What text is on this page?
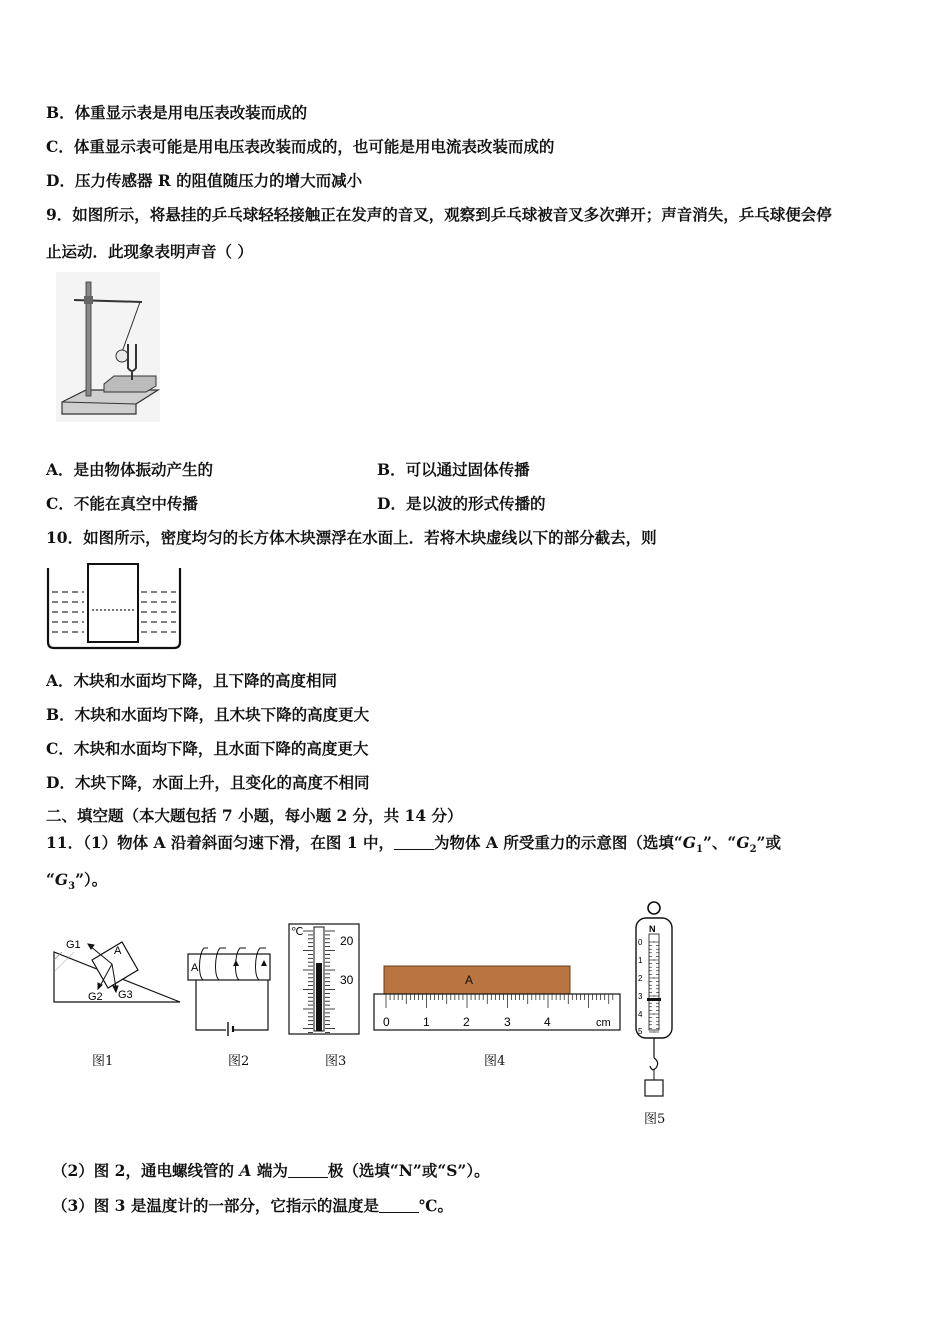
B．体重显示表是用电压表改装而成的
C．体重显示表可能是用电压表改装而成的，也可能是用电流表改装而成的
D．压力传感器 R 的阻值随压力的增大而减小
9．如图所示，将悬挂的乒乓球轻轻接触正在发声的音叉，观察到乒乓球被音叉多次弹开；声音消失，乒乓球便会停
止运动．此现象表明声音（ ）
A．是由物体振动产生的	B．可以通过固体传播
C．不能在真空中传播	D．是以波的形式传播的
10．如图所示，密度均匀的长方体木块漂浮在水面上．若将木块虚线以下的部分截去，则
A．木块和水面均下降，且下降的高度相同
B．木块和水面均下降，且木块下降的高度更大
C．木块和水面均下降，且水面下降的高度更大
D．木块下降，水面上升，且变化的高度不相同
二、填空题（本大题包括 7 小题，每小题 2 分，共 14 分）
11．（1）物体 A 沿着斜面匀速下滑，在图 1 中，	为物体 A 所受重力的示意图（选填“$G_1$”、“$G_2$”或
“$G_3$”）。
A
G1
G2 G3
图1
A
图2
℃
20
30
图3
A
0	1	2	3	4	cm
图4
N
0
1
2
3
4
5
图5
（2）图 2，通电螺线管的 A 端为	极（选填“N”或“S”）。
（3）图 3 是温度计的一部分，它指示的温度是	℃。
